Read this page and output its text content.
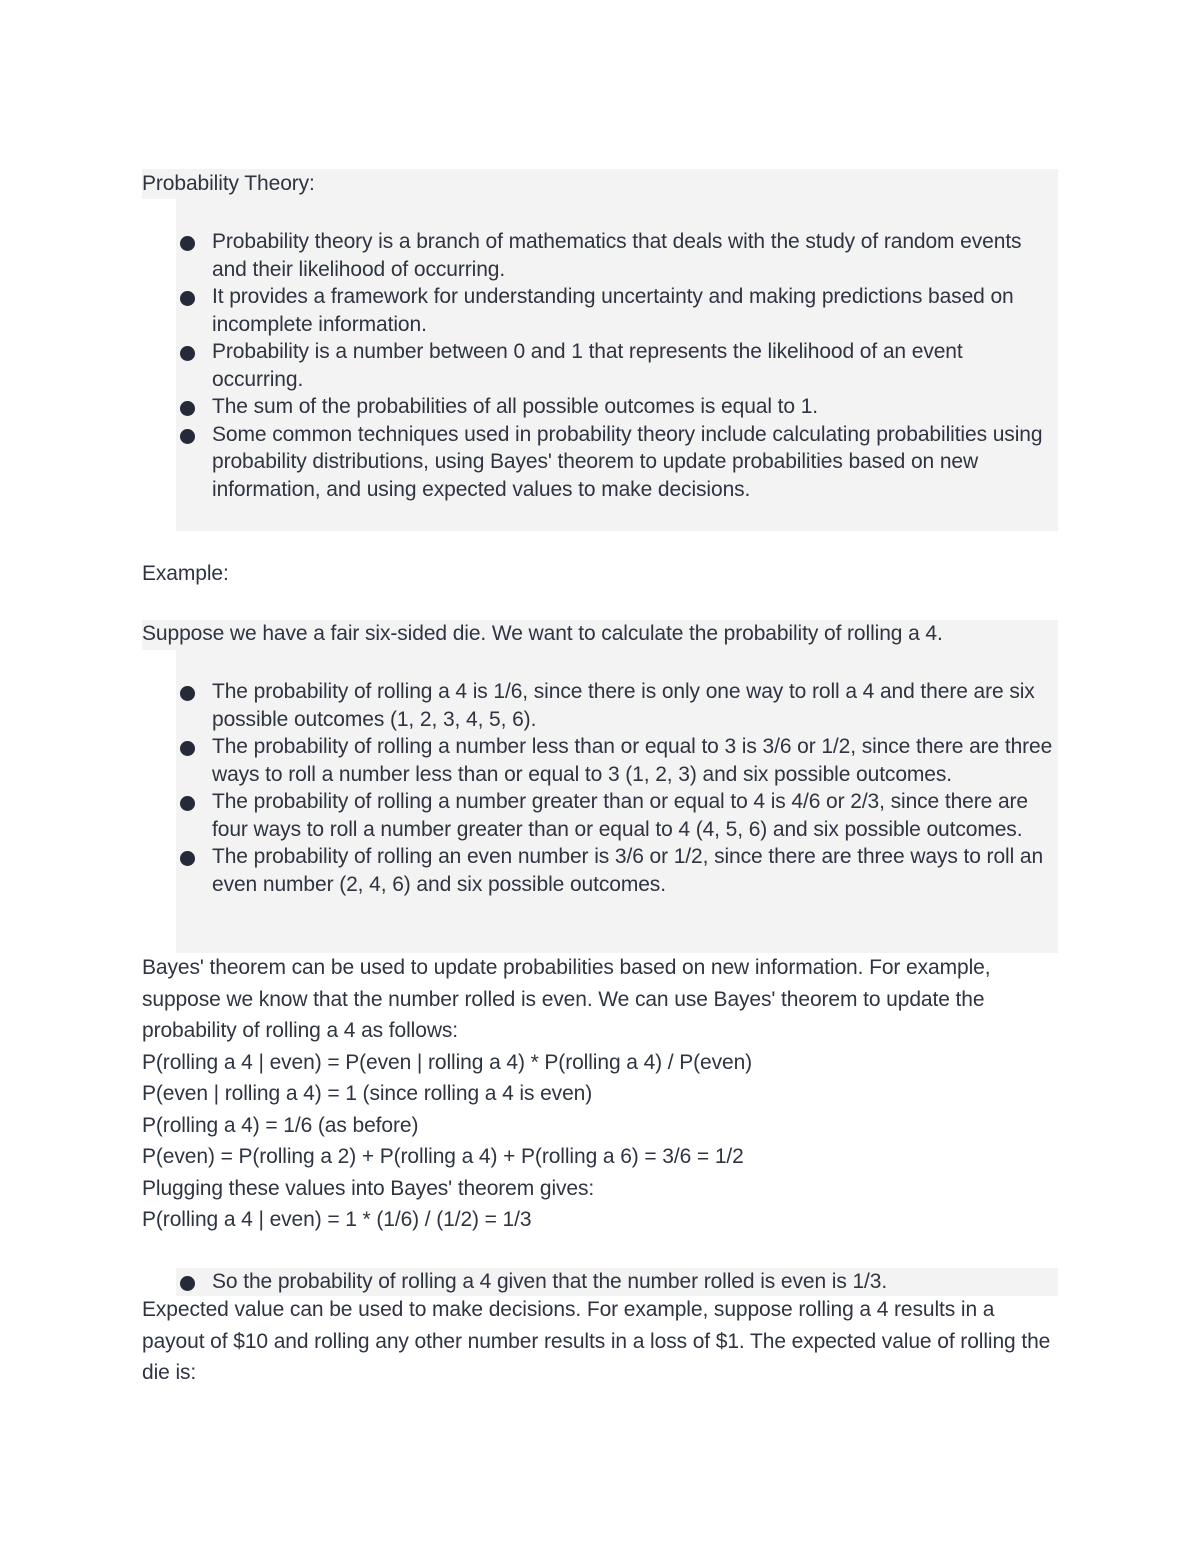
Probability Theory:
Probability theory is a branch of mathematics that deals with the study of random events and their likelihood of occurring.
It provides a framework for understanding uncertainty and making predictions based on incomplete information.
Probability is a number between 0 and 1 that represents the likelihood of an event occurring.
The sum of the probabilities of all possible outcomes is equal to 1.
Some common techniques used in probability theory include calculating probabilities using probability distributions, using Bayes' theorem to update probabilities based on new information, and using expected values to make decisions.
Example:
Suppose we have a fair six-sided die. We want to calculate the probability of rolling a 4.
The probability of rolling a 4 is 1/6, since there is only one way to roll a 4 and there are six possible outcomes (1, 2, 3, 4, 5, 6).
The probability of rolling a number less than or equal to 3 is 3/6 or 1/2, since there are three ways to roll a number less than or equal to 3 (1, 2, 3) and six possible outcomes.
The probability of rolling a number greater than or equal to 4 is 4/6 or 2/3, since there are four ways to roll a number greater than or equal to 4 (4, 5, 6) and six possible outcomes.
The probability of rolling an even number is 3/6 or 1/2, since there are three ways to roll an even number (2, 4, 6) and six possible outcomes.
Bayes' theorem can be used to update probabilities based on new information. For example, suppose we know that the number rolled is even. We can use Bayes' theorem to update the probability of rolling a 4 as follows:
P(rolling a 4 | even) = P(even | rolling a 4) * P(rolling a 4) / P(even)
P(even | rolling a 4) = 1 (since rolling a 4 is even)
P(rolling a 4) = 1/6 (as before)
P(even) = P(rolling a 2) + P(rolling a 4) + P(rolling a 6) = 3/6 = 1/2
Plugging these values into Bayes' theorem gives:
P(rolling a 4 | even) = 1 * (1/6) / (1/2) = 1/3
So the probability of rolling a 4 given that the number rolled is even is 1/3.
Expected value can be used to make decisions. For example, suppose rolling a 4 results in a payout of $10 and rolling any other number results in a loss of $1. The expected value of rolling the die is:
